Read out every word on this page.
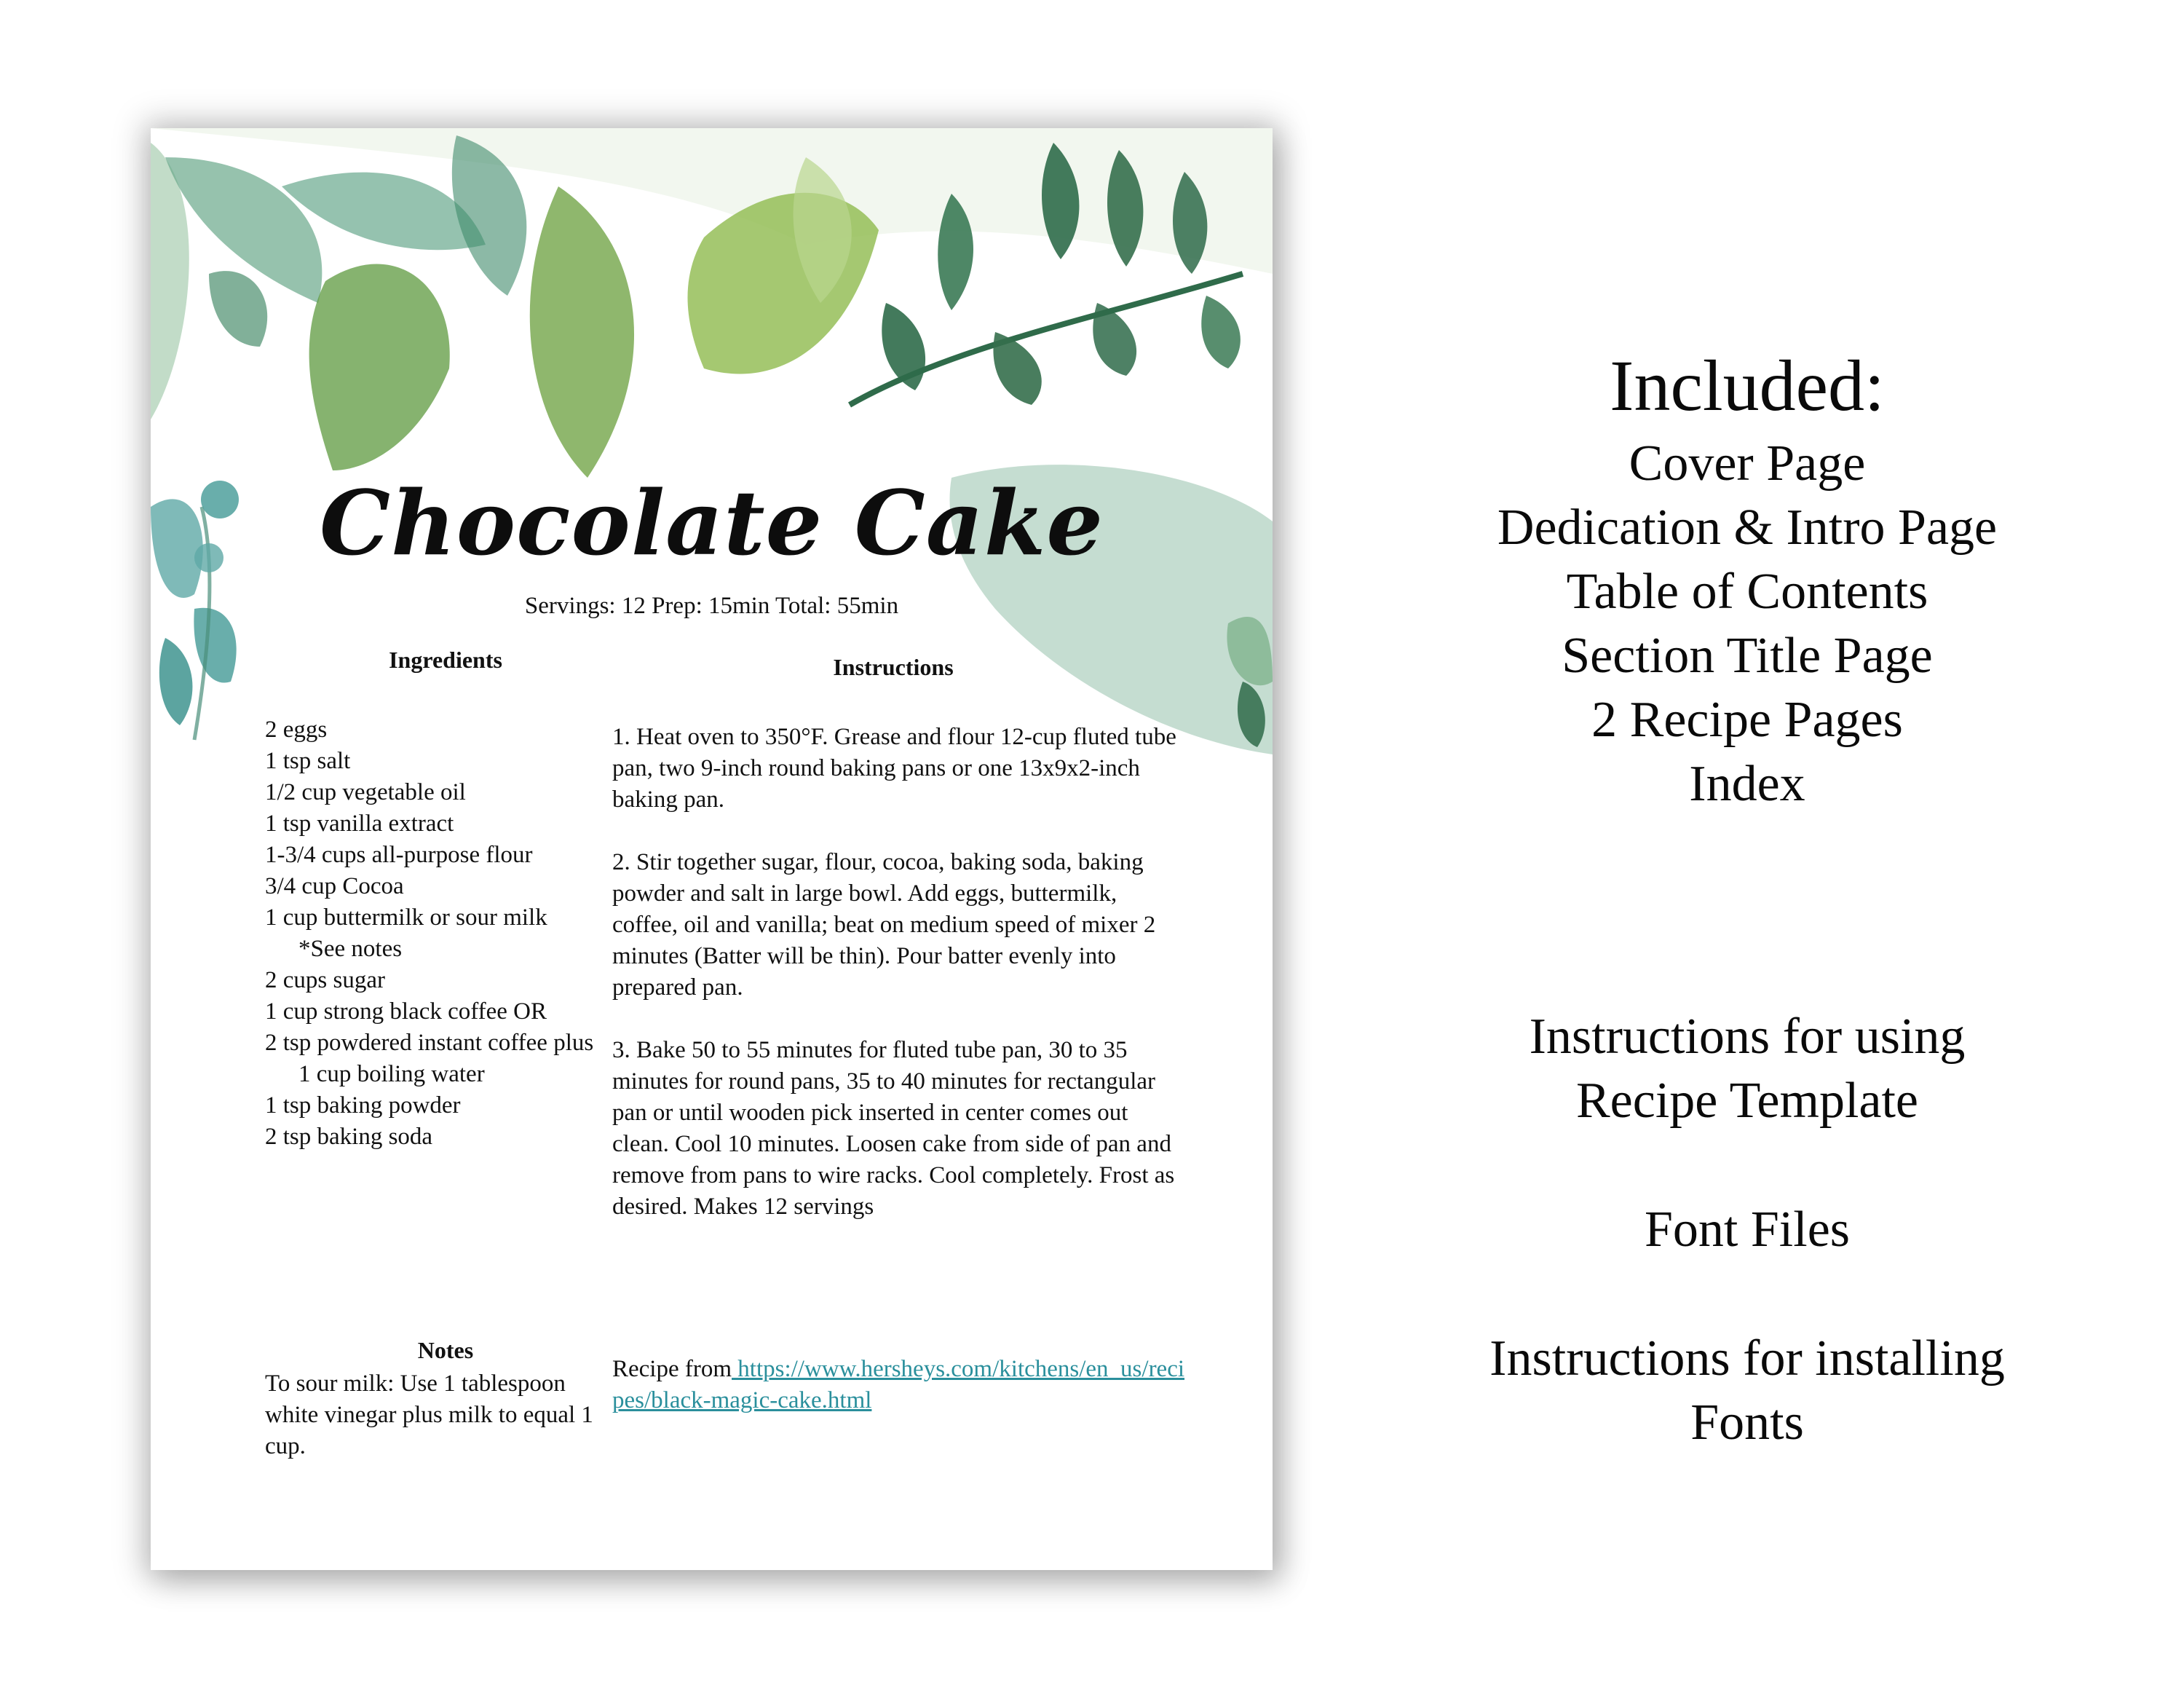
Chocolate Cake
Servings: 12 Prep: 15min Total: 55min
Ingredients
2 eggs
1 tsp salt
1/2 cup vegetable oil
1 tsp vanilla extract
1-3/4 cups all-purpose flour
3/4 cup Cocoa
1 cup buttermilk or sour milk *See notes
2 cups sugar
1 cup strong black coffee OR
2 tsp powdered instant coffee plus 1 cup boiling water
1 tsp baking powder
2 tsp baking soda
Instructions

1. Heat oven to 350°F. Grease and flour 12-cup fluted tube pan, two 9-inch round baking pans or one 13x9x2-inch baking pan.

2. Stir together sugar, flour, cocoa, baking soda, baking powder and salt in large bowl. Add eggs, buttermilk, coffee, oil and vanilla; beat on medium speed of mixer 2 minutes (Batter will be thin). Pour batter evenly into prepared pan.

3. Bake 50 to 55 minutes for fluted tube pan, 30 to 35 minutes for round pans, 35 to 40 minutes for rectangular pan or until wooden pick inserted in center comes out clean. Cool 10 minutes. Loosen cake from side of pan and remove from pans to wire racks. Cool completely. Frost as desired. Makes 12 servings

Notes
To sour milk: Use 1 tablespoon white vinegar plus milk to equal 1 cup.
Recipe from https://www.hersheys.com/kitchens/en_us/recipes/black-magic-cake.html
Included:
Cover Page
Dedication & Intro Page
Table of Contents
Section Title Page
2 Recipe Pages
Index
Instructions for using
Recipe Template
Font Files
Instructions for installing
Fonts
